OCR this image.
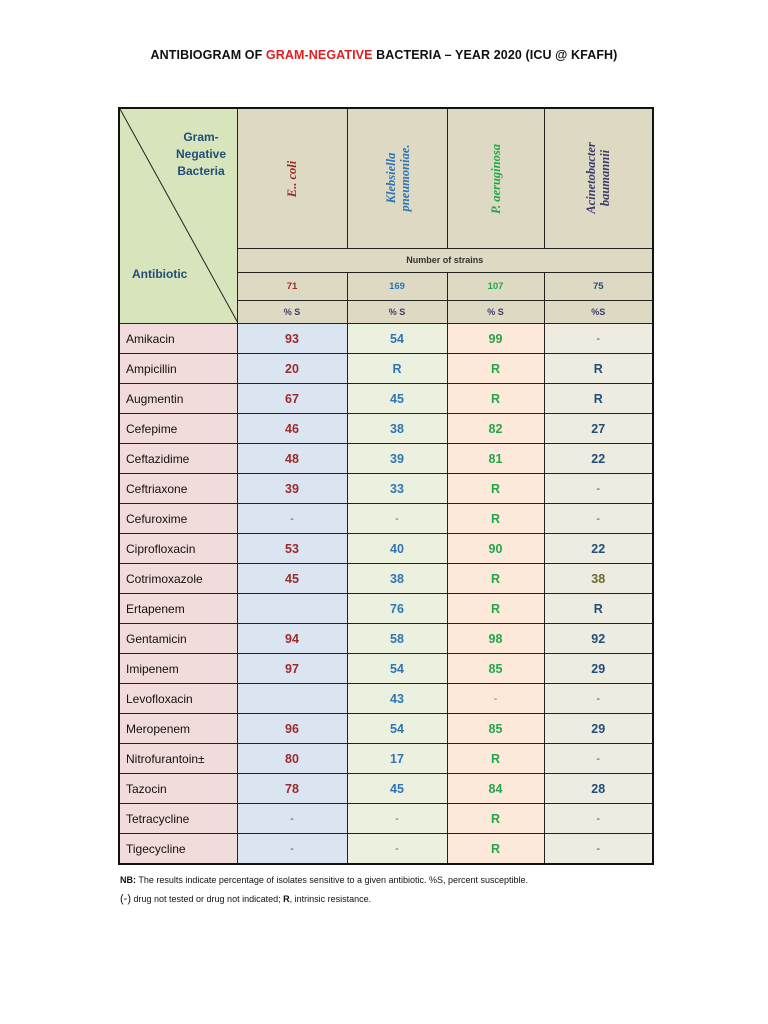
ANTIBIOGRAM OF GRAM-NEGATIVE BACTERIA – YEAR 2020 (ICU @ KFAFH)
Gram-Negative Bacteria
Antibiotic	E.. coli	Klebsiella pneumoniae.	P. aeruginosa	Acinetobacter baumannii
	Number of strains			
	71	169	107	75
	% S	% S	% S	%S
Amikacin	93	54	99	-
Ampicillin	20	R	R	R
Augmentin	67	45	R	R
Cefepime	46	38	82	27
Ceftazidime	48	39	81	22
Ceftriaxone	39	33	R	-
Cefuroxime	-	-	R	-
Ciprofloxacin	53	40	90	22
Cotrimoxazole	45	38	R	38
Ertapenem		76	R	R
Gentamicin	94	58	98	92
Imipenem	97	54	85	29
Levofloxacin		43	-	-
Meropenem	96	54	85	29
Nitrofurantoin±	80	17	R	-
Tazocin	78	45	84	28
Tetracycline	-	-	R	-
Tigecycline	-	-	R	-
NB: The results indicate percentage of isolates sensitive to a given antibiotic. %S, percent susceptible.
(-) drug not tested or drug not indicated; R, intrinsic resistance.
